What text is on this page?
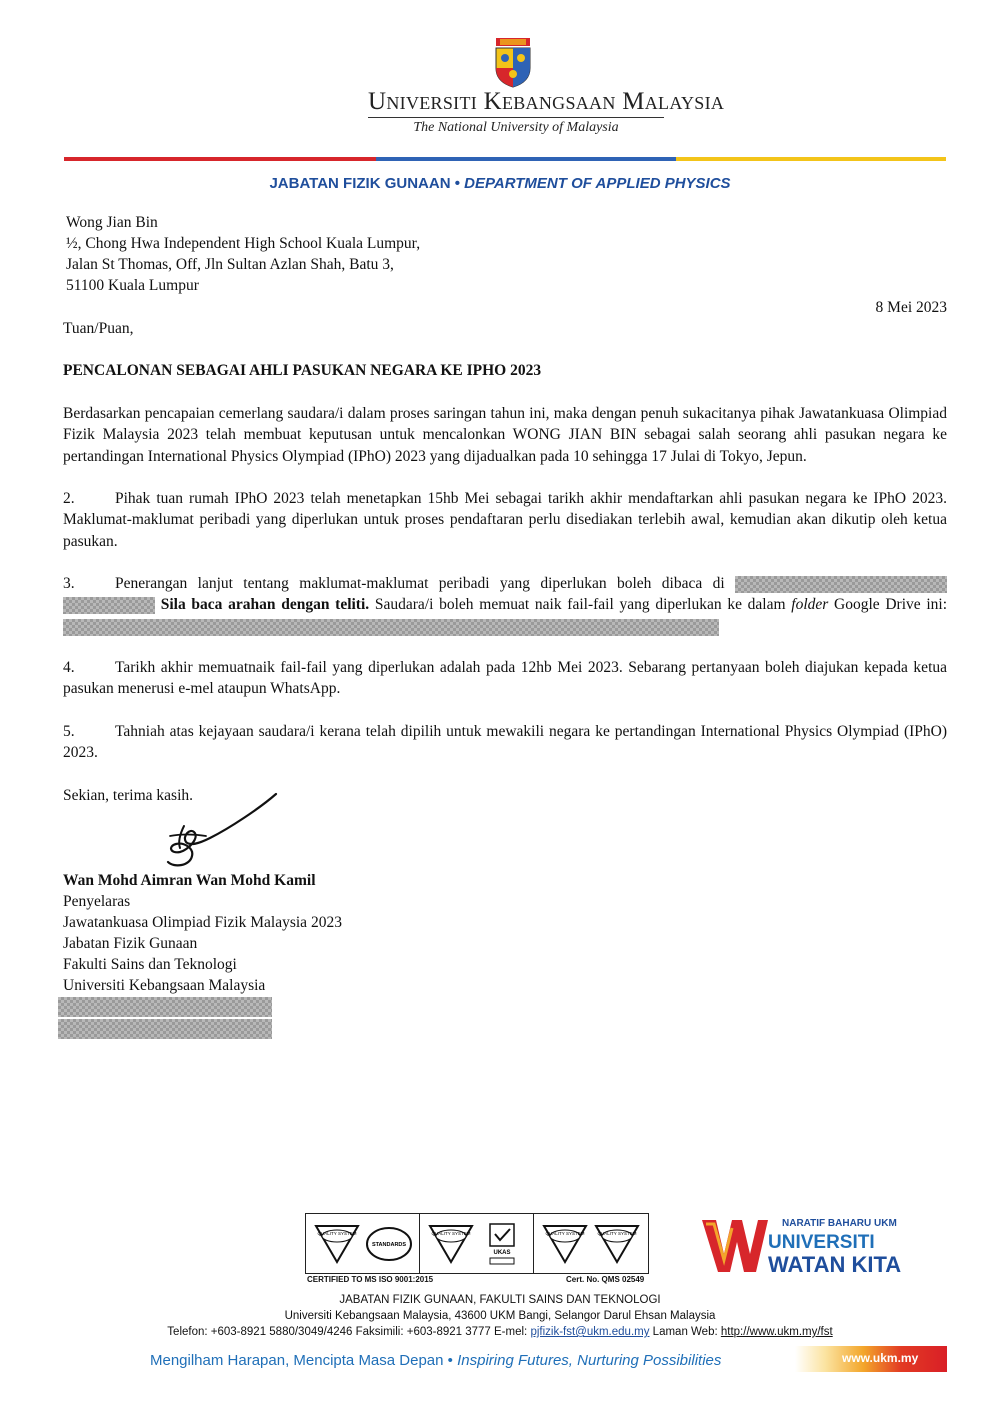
Universiti Kebangsaan Malaysia
The National University of Malaysia
JABATAN FIZIK GUNAAN • DEPARTMENT OF APPLIED PHYSICS
Wong Jian Bin
½, Chong Hwa Independent High School Kuala Lumpur,
Jalan St Thomas, Off, Jln Sultan Azlan Shah, Batu 3,
51100 Kuala Lumpur
8 Mei 2023
Tuan/Puan,
PENCALONAN SEBAGAI AHLI PASUKAN NEGARA KE IPHO 2023
Berdasarkan pencapaian cemerlang saudara/i dalam proses saringan tahun ini, maka dengan penuh sukacitanya pihak Jawatankuasa Olimpiad Fizik Malaysia 2023 telah membuat keputusan untuk mencalonkan WONG JIAN BIN sebagai salah seorang ahli pasukan negara ke pertandingan International Physics Olympiad (IPhO) 2023 yang dijadualkan pada 10 sehingga 17 Julai di Tokyo, Jepun.
2.	Pihak tuan rumah IPhO 2023 telah menetapkan 15hb Mei sebagai tarikh akhir mendaftarkan ahli pasukan negara ke IPhO 2023. Maklumat-maklumat peribadi yang diperlukan untuk proses pendaftaran perlu disediakan terlebih awal, kemudian akan dikutip oleh ketua pasukan.
3.	Penerangan lanjut tentang maklumat-maklumat peribadi yang diperlukan boleh dibaca di   Sila baca arahan dengan teliti. Saudara/i boleh memuat naik fail-fail yang diperlukan ke dalam folder Google Drive ini:
4.	Tarikh akhir memuatnaik fail-fail yang diperlukan adalah pada 12hb Mei 2023. Sebarang pertanyaan boleh diajukan kepada ketua pasukan menerusi e-mel ataupun WhatsApp.
5.	Tahniah atas kejayaan saudara/i kerana telah dipilih untuk mewakili negara ke pertandingan International Physics Olympiad (IPhO) 2023.
Sekian, terima kasih.
Wan Mohd Aimran Wan Mohd Kamil
Penyelaras
Jawatankuasa Olimpiad Fizik Malaysia 2023
Jabatan Fizik Gunaan
Fakulti Sains dan Teknologi
Universiti Kebangsaan Malaysia
QUALITY SYSTEM
STANDARDS
QUALITY SYSTEM
UKAS
QUALITY SYSTEM	QUALITY SYSTEM
CERTIFIED TO MS ISO 9001:2015	Cert. No. QMS 02549
NARATIF BAHARU UKM
UNIVERSITI
WATAN KITA
JABATAN FIZIK GUNAAN, FAKULTI SAINS DAN TEKNOLOGI
Universiti Kebangsaan Malaysia, 43600 UKM Bangi, Selangor Darul Ehsan Malaysia
Telefon: +603-8921 5880/3049/4246 Faksimili: +603-8921 3777 E-mel: pjfizik-fst@ukm.edu.my Laman Web: http://www.ukm.my/fst
Mengilham Harapan, Mencipta Masa Depan • Inspiring Futures, Nurturing Possibilities	www.ukm.my
